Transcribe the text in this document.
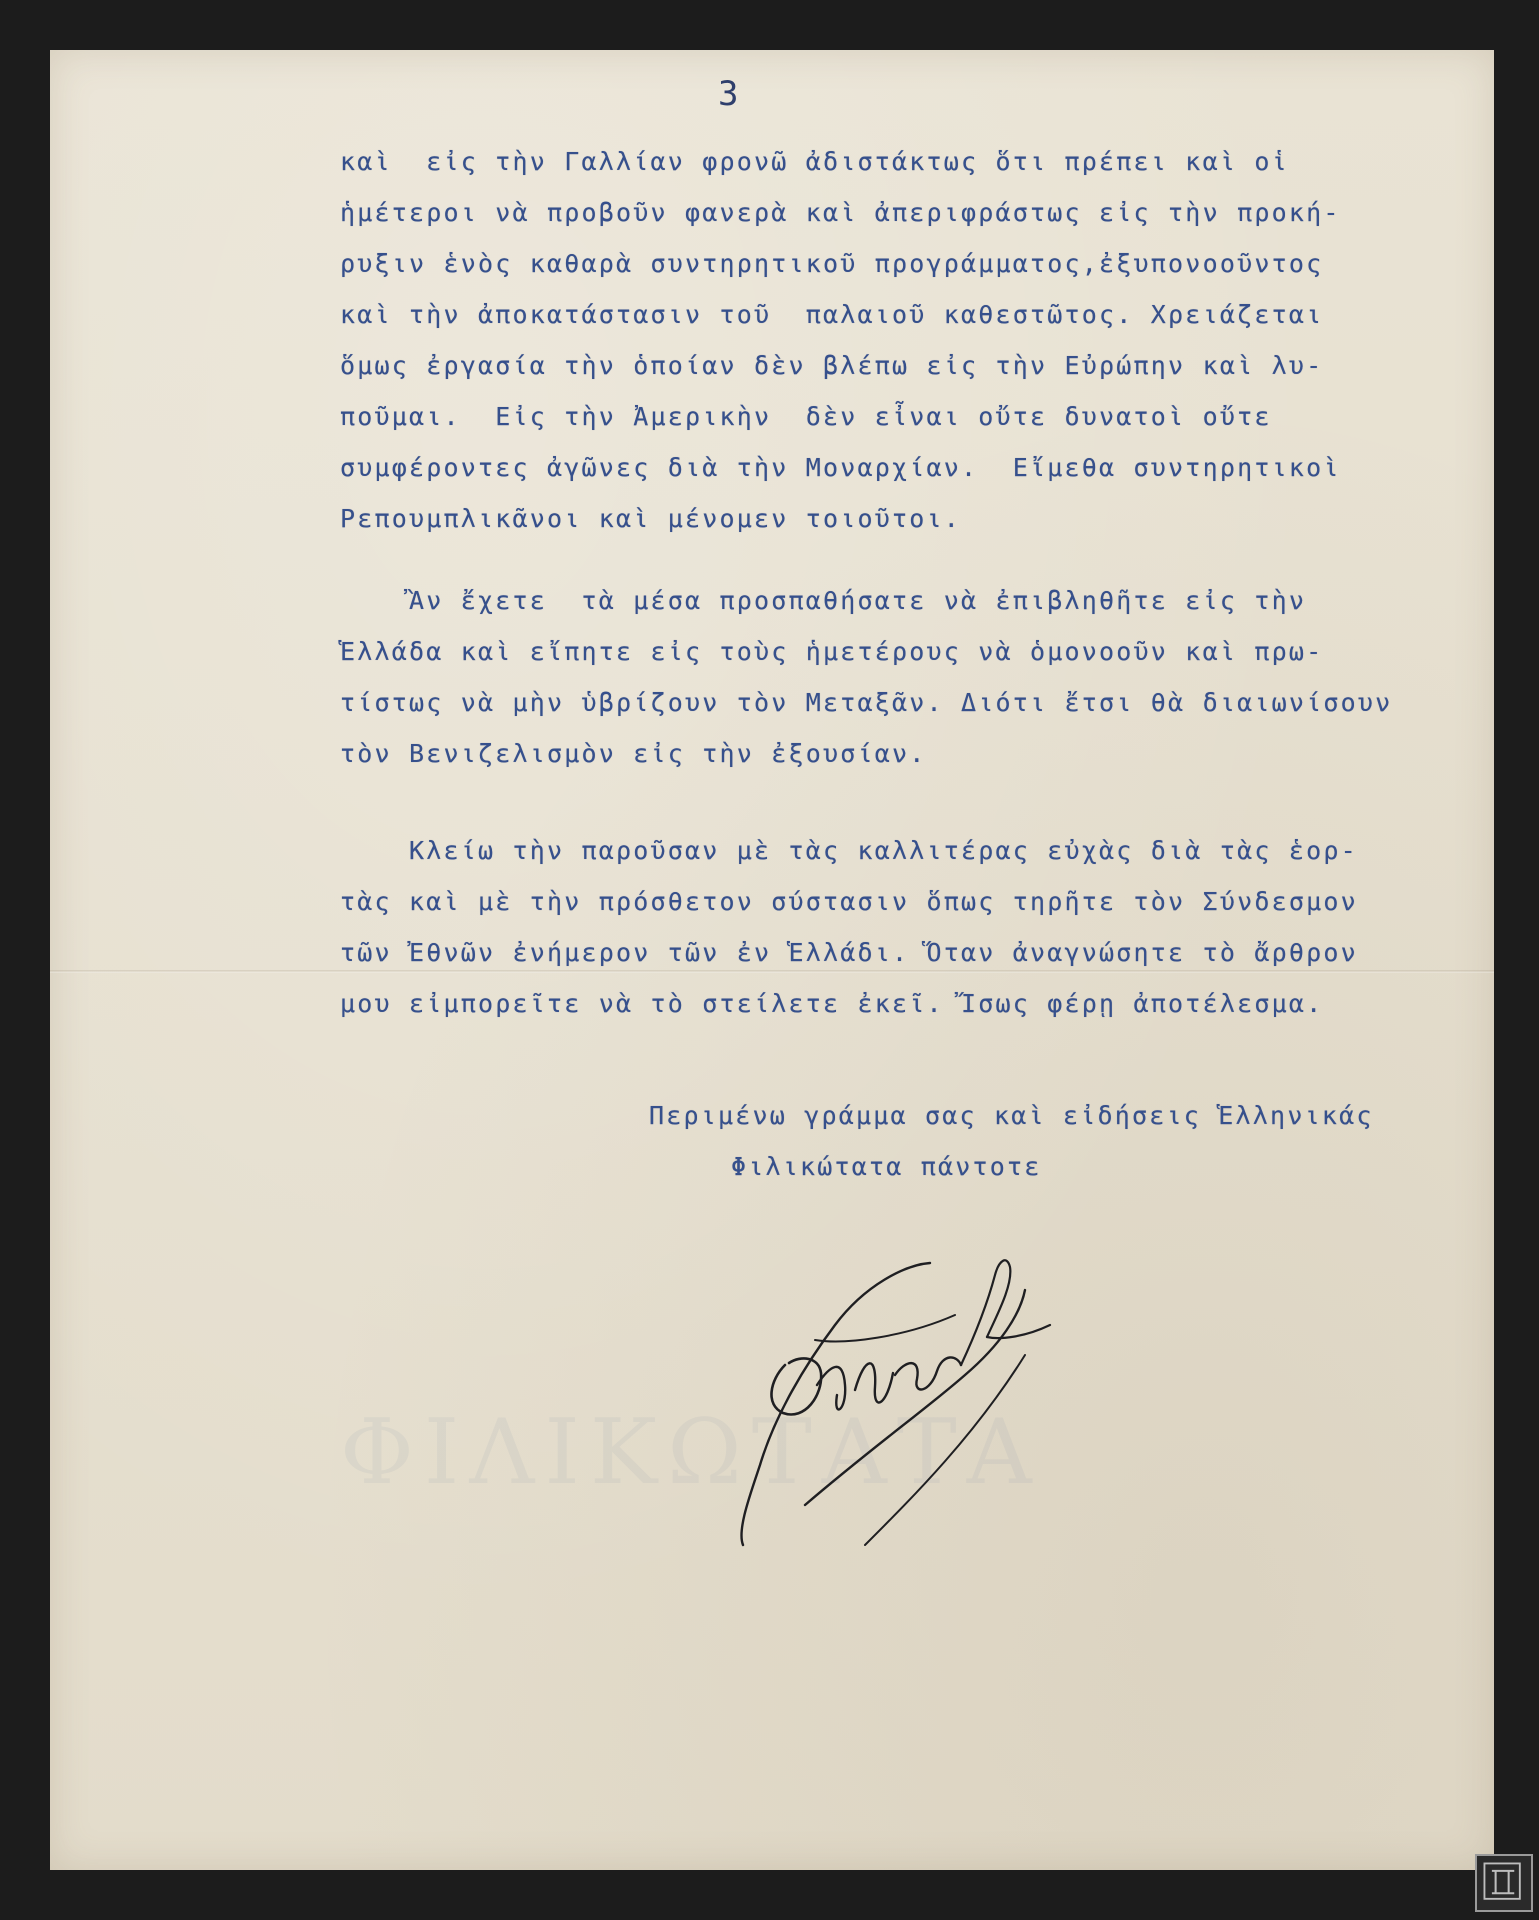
3
καὶ  εἰς τὴν Γαλλίαν φρονῶ ἀδιστάκτως ὅτι πρέπει καὶ οἱ
ἡμέτεροι νὰ προβοῦν φανερὰ καὶ ἀπεριφράστως εἰς τὴν προκή-
ρυξιν ἑνὸς καθαρὰ συντηρητικοῦ προγράμματος,ἐξυπονοοῦντος
καὶ τὴν ἀποκατάστασιν τοῦ  παλαιοῦ καθεστῶτος. Χρειάζεται
ὅμως ἐργασία τὴν ὁποίαν δὲν βλέπω εἰς τὴν Εὐρώπην καὶ λυ-
ποῦμαι.  Εἰς τὴν Ἀμερικὴν  δὲν εἶναι οὔτε δυνατοὶ οὔτε
συμφέροντες ἀγῶνες διὰ τὴν Μοναρχίαν.  Εἴμεθα συντηρητικοὶ
Ρεπουμπλικᾶνοι καὶ μένομεν τοιοῦτοι.
Ἂν ἔχετε  τὰ μέσα προσπαθήσατε νὰ ἐπιβληθῆτε εἰς τὴν
Ἑλλάδα καὶ εἴπητε εἰς τοὺς ἡμετέρους νὰ ὁμονοοῦν καὶ πρω-
τίστως νὰ μὴν ὑβρίζουν τὸν Μεταξᾶν. Διότι ἔτσι θὰ διαιωνίσουν
τὸν Βενιζελισμὸν εἰς τὴν ἐξουσίαν.
Κλείω τὴν παροῦσαν μὲ τὰς καλλιτέρας εὐχὰς διὰ τὰς ἑορ-
τὰς καὶ μὲ τὴν πρόσθετον σύστασιν ὅπως τηρῆτε τὸν Σύνδεσμον
τῶν Ἐθνῶν ἐνήμερον τῶν ἐν Ἑλλάδι. Ὅταν ἀναγνώσητε τὸ ἄρθρον
μου εἰμπορεῖτε νὰ τὸ στείλετε ἐκεῖ. Ἴσως φέρῃ ἀποτέλεσμα.

Περιμένω γράμμα σας καὶ εἰδήσεις Ἑλληνικάς

Φιλικώτατα πάντοτε

ΦΙΛΙΚΩΤΑΤΑ
